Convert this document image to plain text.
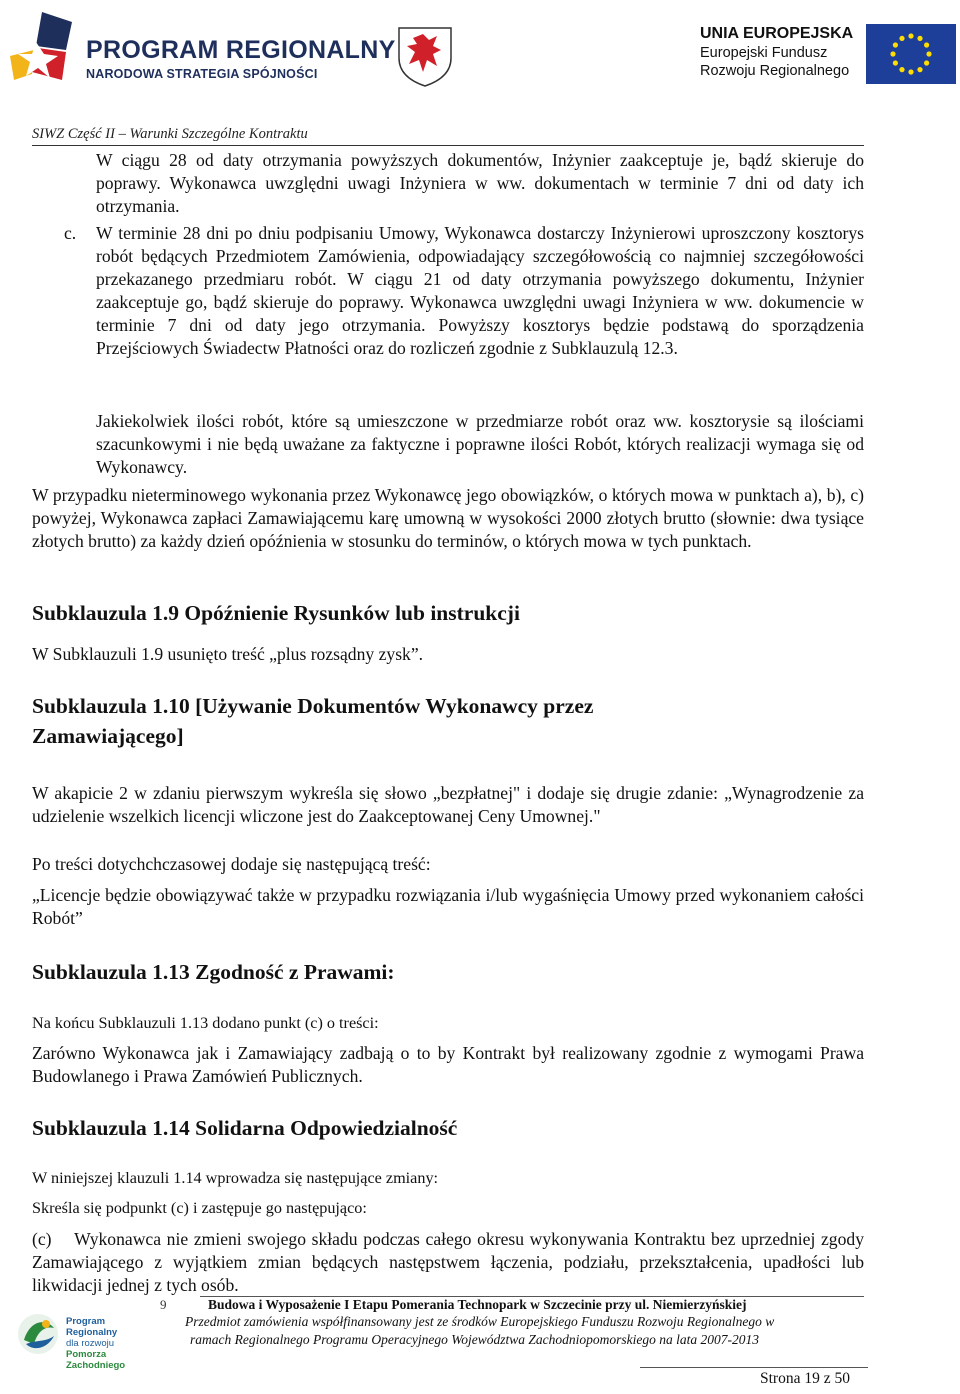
PROGRAM REGIONALNY
NARODOWA STRATEGIA SPÓJNOŚCI
UNIA EUROPEJSKA
Europejski Fundusz
Rozwoju Regionalnego
SIWZ Część II – Warunki Szczególne Kontraktu
W ciągu 28 od daty otrzymania powyższych dokumentów, Inżynier zaakceptuje je, bądź skieruje do poprawy. Wykonawca uwzględni uwagi Inżyniera w ww. dokumentach w terminie 7 dni od daty ich otrzymania.
c.	W terminie 28 dni po dniu podpisaniu Umowy, Wykonawca dostarczy Inżynierowi uproszczony kosztorys robót będących Przedmiotem Zamówienia, odpowiadający szczegółowością co najmniej szczegółowości przekazanego przedmiaru robót. W ciągu 21 od daty otrzymania powyższego dokumentu, Inżynier zaakceptuje go, bądź skieruje do poprawy. Wykonawca uwzględni uwagi Inżyniera w ww. dokumencie w terminie 7 dni od daty jego otrzymania. Powyższy kosztorys będzie podstawą do sporządzenia Przejściowych Świadectw Płatności oraz do rozliczeń zgodnie z Subklauzulą 12.3.
Jakiekolwiek ilości robót, które są umieszczone w przedmiarze robót oraz ww. kosztorysie są ilościami szacunkowymi i nie będą uważane za faktyczne i poprawne ilości Robót, których realizacji wymaga się od Wykonawcy.
W przypadku nieterminowego wykonania przez Wykonawcę jego obowiązków, o których mowa w punktach a), b), c) powyżej, Wykonawca zapłaci Zamawiającemu karę umowną w wysokości 2000 złotych brutto (słownie: dwa tysiące złotych brutto) za każdy dzień opóźnienia w stosunku do terminów, o których mowa w tych punktach.
Subklauzula 1.9 Opóźnienie Rysunków lub instrukcji
W Subklauzuli 1.9 usunięto treść „plus rozsądny zysk”.
Subklauzula 1.10 [Używanie Dokumentów Wykonawcy przez
Zamawiającego]
W akapicie 2 w zdaniu pierwszym wykreśla się słowo „bezpłatnej" i dodaje się drugie zdanie: „Wynagrodzenie za udzielenie wszelkich licencji wliczone jest do Zaakceptowanej Ceny Umownej."
Po treści dotychchczasowej dodaje się następującą treść:
„Licencje będzie obowiązywać także w przypadku rozwiązania i/lub wygaśnięcia Umowy przed wykonaniem całości Robót”
Subklauzula 1.13 Zgodność z Prawami:
Na końcu Subklauzuli 1.13 dodano punkt (c) o treści:
Zarówno Wykonawca jak i Zamawiający zadbają o to by Kontrakt był realizowany zgodnie z wymogami Prawa Budowlanego i Prawa Zamówień Publicznych.
Subklauzula 1.14 Solidarna Odpowiedzialność
W niniejszej klauzuli 1.14 wprowadza się następujące zmiany:
Skreśla się podpunkt (c) i zastępuje go następująco:
(c)    Wykonawca nie zmieni swojego składu podczas całego okresu wykonywania Kontraktu bez uprzedniej zgody Zamawiającego z wyjątkiem zmian będących następstwem łączenia, podziału, przekształcenia, upadłości lub likwidacji jednej z tych osób.
Program Regionalny
dla rozwoju
Pomorza Zachodniego
9	Budowa i Wyposażenie I Etapu Pomerania Technopark w Szczecinie przy ul. Niemierzyńskiej
Przedmiot zamówienia współfinansowany jest ze środków Europejskiego Funduszu Rozwoju Regionalnego w
ramach Regionalnego Programu Operacyjnego Województwa Zachodniopomorskiego na lata 2007-2013
Strona 19 z 50
